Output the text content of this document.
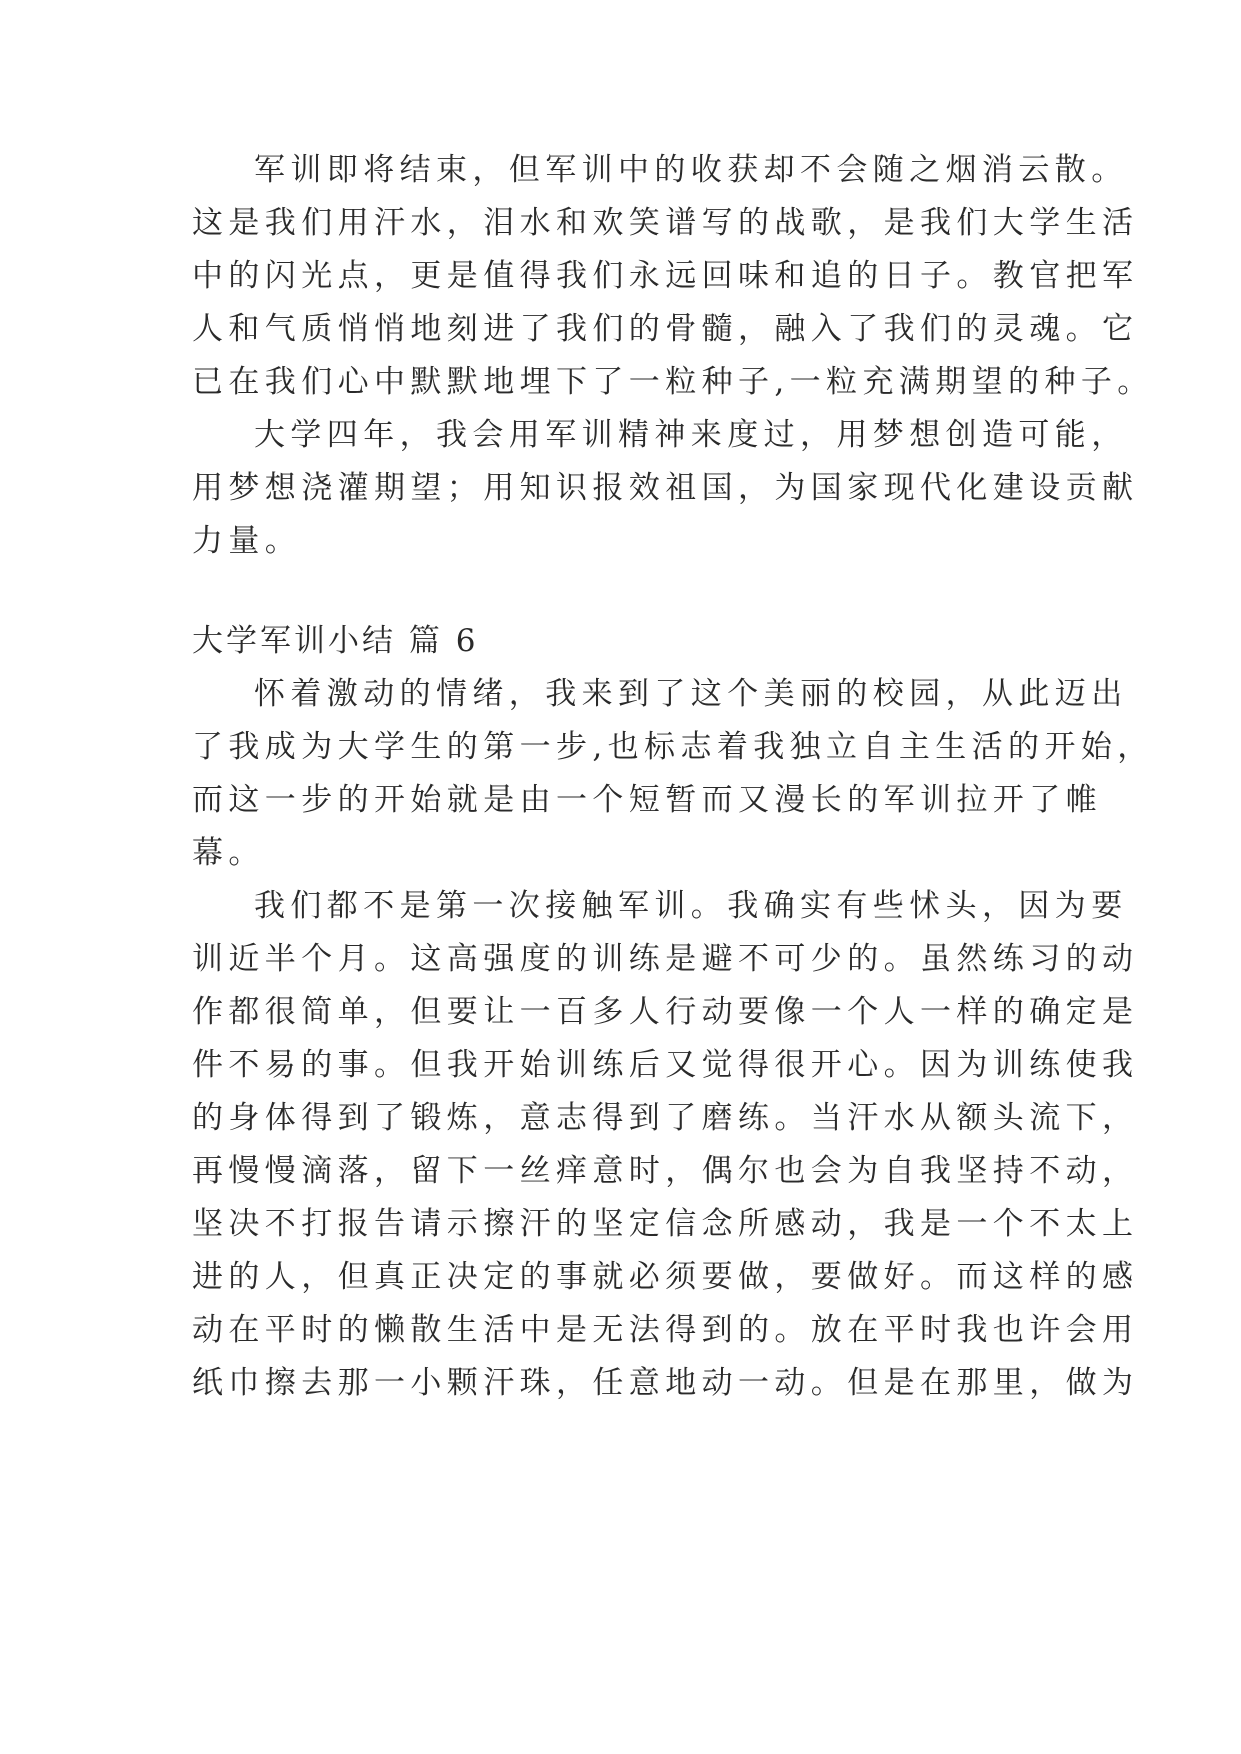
军训即将结束，但军训中的收获却不会随之烟消云散。
这是我们用汗水，泪水和欢笑谱写的战歌，是我们大学生活
中的闪光点，更是值得我们永远回味和追的日子。教官把军
人和气质悄悄地刻进了我们的骨髓，融入了我们的灵魂。它
已在我们心中默默地埋下了一粒种子,一粒充满期望的种子。
大学四年，我会用军训精神来度过，用梦想创造可能，
用梦想浇灌期望；用知识报效祖国，为国家现代化建设贡献
力量。
大学军训小结 篇 6
怀着激动的情绪，我来到了这个美丽的校园，从此迈出
了我成为大学生的第一步,也标志着我独立自主生活的开始，
而这一步的开始就是由一个短暂而又漫长的军训拉开了帷
幕。
我们都不是第一次接触军训。我确实有些怵头，因为要
训近半个月。这高强度的训练是避不可少的。虽然练习的动
作都很简单，但要让一百多人行动要像一个人一样的确定是
件不易的事。但我开始训练后又觉得很开心。因为训练使我
的身体得到了锻炼，意志得到了磨练。当汗水从额头流下，
再慢慢滴落，留下一丝痒意时，偶尔也会为自我坚持不动，
坚决不打报告请示擦汗的坚定信念所感动，我是一个不太上
进的人，但真正决定的事就必须要做，要做好。而这样的感
动在平时的懒散生活中是无法得到的。放在平时我也许会用
纸巾擦去那一小颗汗珠，任意地动一动。但是在那里，做为
